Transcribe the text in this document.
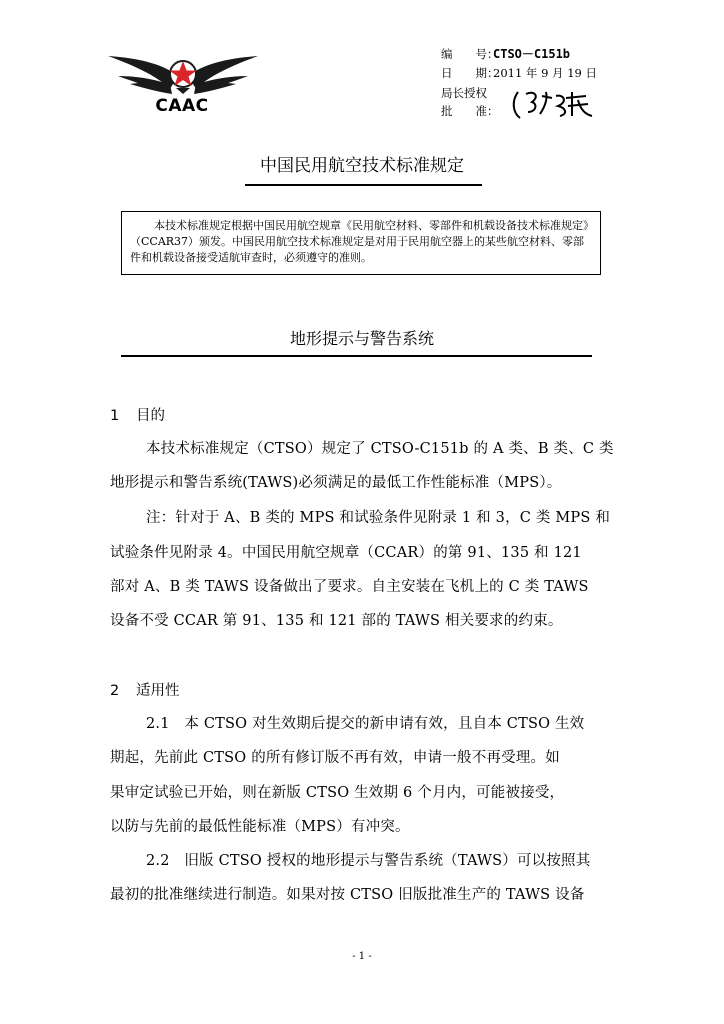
CAAC
编　　号：CTSO－C151b
日　　期：2011 年 9 月 19 日
局长授权
批　　准：
中国民用航空技术标准规定
本技术标准规定根据中国民用航空规章《民用航空材料、零部件和机载设备技术标准规定》（CCAR37）颁发。中国民用航空技术标准规定是对用于民用航空器上的某些航空材料、零部件和机载设备接受适航审查时，必须遵守的准则。
地形提示与警告系统
1 目的
本技术标准规定（CTSO）规定了 CTSO-C151b 的 A 类、B 类、C 类
地形提示和警告系统(TAWS)必须满足的最低工作性能标准（MPS）。
注：针对于 A、B 类的 MPS 和试验条件见附录 1 和 3，C 类 MPS 和
试验条件见附录 4。中国民用航空规章（CCAR）的第 91、135 和 121
部对 A、B 类 TAWS 设备做出了要求。自主安装在飞机上的 C 类 TAWS
设备不受 CCAR 第 91、135 和 121 部的 TAWS 相关要求的约束。
2 适用性
2.1　本 CTSO 对生效期后提交的新申请有效，且自本 CTSO 生效
期起，先前此 CTSO 的所有修订版不再有效，申请一般不再受理。如
果审定试验已开始，则在新版 CTSO 生效期 6 个月内，可能被接受，
以防与先前的最低性能标准（MPS）有冲突。
2.2　旧版 CTSO 授权的地形提示与警告系统（TAWS）可以按照其
最初的批准继续进行制造。如果对按 CTSO 旧版批准生产的 TAWS 设备
- 1 -
